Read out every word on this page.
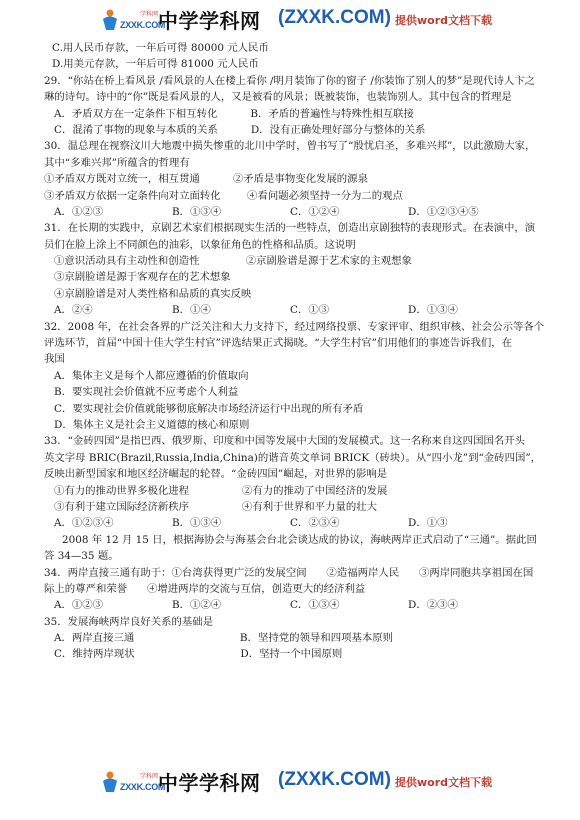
学科网
ZXXK.COM
中学学科网 (ZXXK.COM) 提供word文档下载
C.用人民币存款，一年后可得 80000 元人民币
D.用美元存款，一年后可得 81000 元人民币
29．“你站在桥上看风景 /看风景的人在楼上看你 /明月装饰了你的窗子 /你装饰了别人的梦”是现代诗人卞之
琳的诗句。诗中的“你”既是看风景的人，又是被看的风景；既被装饰，也装饰别人。其中包含的哲理是
A．矛盾双方在一定条件下相互转化          B．矛盾的普遍性与特殊性相互联接
C．混淆了事物的现象与本质的关系          D．没有正确处理好部分与整体的关系
30．温总理在视察汶川大地震中损失惨重的北川中学时，曾书写了“殷忧启圣，多难兴邦”，以此激励大家，
其中“多难兴邦”所蕴含的哲理有
①矛盾双方既对立统一，相互贯通          ②矛盾是事物变化发展的源泉
③矛盾双方依据一定条件向对立面转化        ④看问题必须坚持一分为二的观点
A．①②③	B．①③④	C．①②④	D．①②③④⑤
31．在长期的实践中，京剧艺术家们根据现实生活的一些特点，创造出京剧独特的表现形式。在表演中，演
员们在脸上涂上不同颜色的油彩，以象征角色的性格和品质。这说明
①意识活动具有主动性和创造性              ②京剧脸谱是源于艺术家的主观想象
③京剧脸谱是源于客观存在的艺术想象
④京剧脸谱是对人类性格和品质的真实反映
A．②④	B．①④	C．①③	D．①③④
32．2008 年，在社会各界的广泛关注和大力支持下，经过网络投票、专家评审、组织审核、社会公示等各个
评选环节，首届“中国十佳大学生村官”评选结果正式揭晓。“大学生村官”们用他们的事迹告诉我们，在
我国
A．集体主义是每个人都应遵循的价值取向
B．要实现社会价值就不应考虑个人利益
C．要实现社会价值就能够彻底解决市场经济运行中出现的所有矛盾
D．集体主义是社会主义道德的核心和原则
33．“金砖四国”是指巴西、俄罗斯、印度和中国等发展中大国的发展模式。这一名称来自这四国国名开头
英文字母 BRIC(Brazil,Russia,India,China)的谐音英文单词 BRICK（砖块）。从“四小龙”到“金砖四国”，
反映出新型国家和地区经济崛起的轮替。“金砖四国”崛起，对世界的影响是
①有力的推动世界多极化进程                ②有力的推动了中国经济的发展
③有利于建立国际经济新秩序                ④有利于世界和平力量的壮大
A．①②③④	B．①③④	C．②③④	D．①③
2008 年 12 月 15 日，根据海协会与海基会台北会谈达成的协议，海峡两岸正式启动了“三通”。据此回
答 34—35 题。
34．两岸直接三通有助于：①台湾获得更广泛的发展空间      ②造福两岸人民      ③两岸同胞共享祖国在国
际上的尊严和荣誉      ④增进两岸的交流与互信，创造更大的经济利益
A．①②③	B．①②④	C．①③④	D．②③④
35．发展海峡两岸良好关系的基础是
A．两岸直接三通                                B．坚持党的领导和四项基本原则
C．维持两岸现状                                D．坚持一个中国原则
学科网
ZXXK.COM
中学学科网 (ZXXK.COM) 提供word文档下载
